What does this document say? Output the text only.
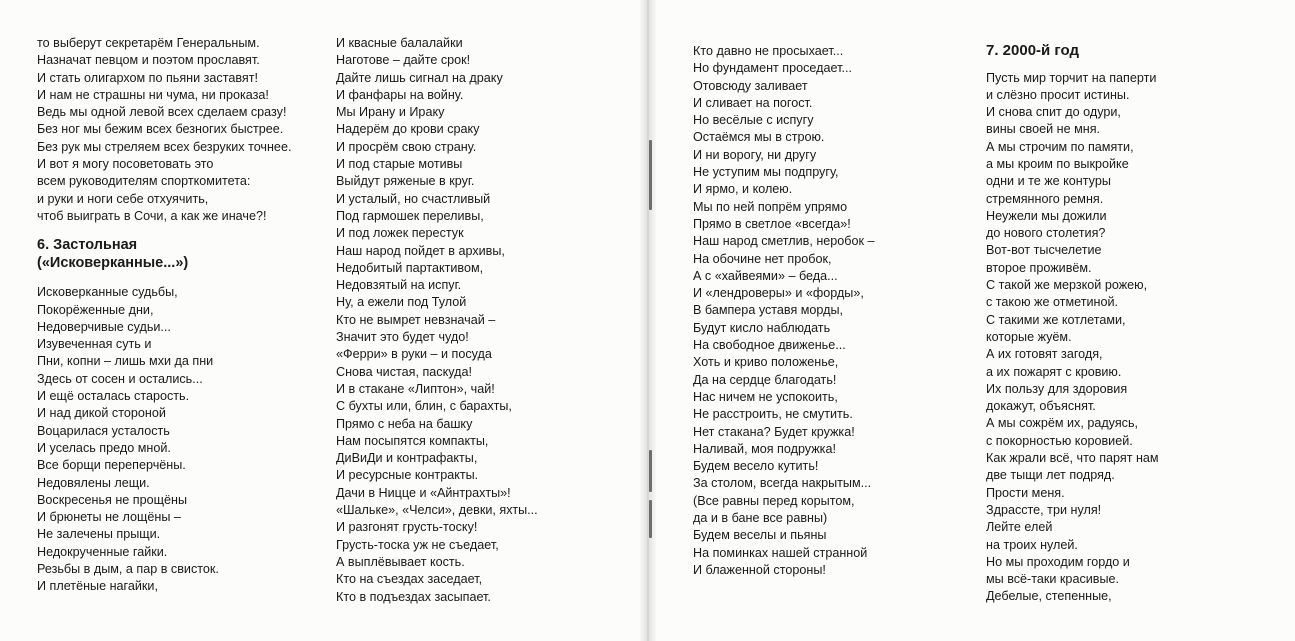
то выберут секретарём Генеральным.
Назначат певцом и поэтом прославят.
И стать олигархом по пьяни заставят!
И нам не страшны ни чума, ни проказа!
Ведь мы одной левой всех сделаем сразу!
Без ног мы бежим всех безногих быстрее.
Без рук мы стреляем всех безруких точнее.
И вот я могу посоветовать это
всем руководителям спорткомитета:
и руки и ноги себе отхуячить,
чтоб выиграть в Сочи, а как же иначе?!
6. Застольная
(«Исковерканные...»)
Исковерканные судьбы,
Покорёженные дни,
Недоверчивые судьи...
Изувеченная суть и
Пни, копни – лишь мхи да пни
Здесь от сосен и остались...
И ещё осталась старость.
И над дикой стороной
Воцарилася усталость
И уселась предо мной.
Все борщи переперчёны.
Недовялены лещи.
Воскресенья не прощёны
И брюнеты не лощёны –
Не залечены прыщи.
Недокрученные гайки.
Резьбы в дым, а пар в свисток.
И плетёные нагайки,
И квасные балалайки
Наготове – дайте срок!
Дайте лишь сигнал на драку
И фанфары на войну.
Мы Ирану и Ираку
Надерём до крови сраку
И просрём свою страну.
И под старые мотивы
Выйдут ряженые в круг.
И усталый, но счастливый
Под гармошек переливы,
И под ложек перестук
Наш народ пойдет в архивы,
Недобитый партактивом,
Недовзятый на испуг.
Ну, а ежели под Тулой
Кто не вымрет невзначай –
Значит это будет чудо!
«Ферри» в руки – и посуда
Снова чистая, паскуда!
И в стакане «Липтон», чай!
С бухты или, блин, с барахты,
Прямо с неба на башку
Нам посыпятся компакты,
ДиВиДи и контрафакты,
И ресурсные контракты.
Дачи в Ницце и «Айнтрахты»!
«Шальке», «Челси», девки, яхты...
И разгонят грусть-тоску!
Грусть-тоска уж не съедает,
А выплёвывает кость.
Кто на съездах заседает,
Кто в подъездах засыпает.
Кто давно не просыхает...
Но фундамент проседает...
Отовсюду заливает
И сливает на погост.
Но весёлые с испугу
Остаёмся мы в строю.
И ни ворогу, ни другу
Не уступим мы подпругу,
И ярмо, и колею.
Мы по ней попрём упрямо
Прямо в светлое «всегда»!
Наш народ сметлив, неробок –
На обочине нет пробок,
А с «хайвеями» – беда...
И «лендроверы» и «форды»,
В бампера уставя морды,
Будут кисло наблюдать
На свободное движенье...
Хоть и криво положенье,
Да на сердце благодать!
Нас ничем не успокоить,
Не расстроить, не смутить.
Нет стакана? Будет кружка!
Наливай, моя подружка!
Будем весело кутить!
За столом, всегда накрытым...
(Все равны перед корытом,
да и в бане все равны)
Будем веселы и пьяны
На поминках нашей странной
И блаженной стороны!
7. 2000-й год
Пусть мир торчит на паперти
и слёзно просит истины.
И снова спит до одури,
вины своей не мня.
А мы строчим по памяти,
а мы кроим по выкройке
одни и те же контуры
стремянного ремня.
Неужели мы дожили
до нового столетия?
Вот-вот тысчелетие
второе проживём.
С такой же мерзкой рожею,
с такою же отметиной.
С такими же котлетами,
которые жуём.
А их готовят загодя,
а их пожарят с кровию.
Их пользу для здоровия
докажут, объяснят.
А мы сожрём их, радуясь,
с покорностью коровией.
Как жрали всё, что парят нам
две тыщи лет подряд.
Прости меня.
Здрассте, три нуля!
Лейте елей
на троих нулей.
Но мы проходим гордо и
мы всё-таки красивые.
Дебелые, степенные,
